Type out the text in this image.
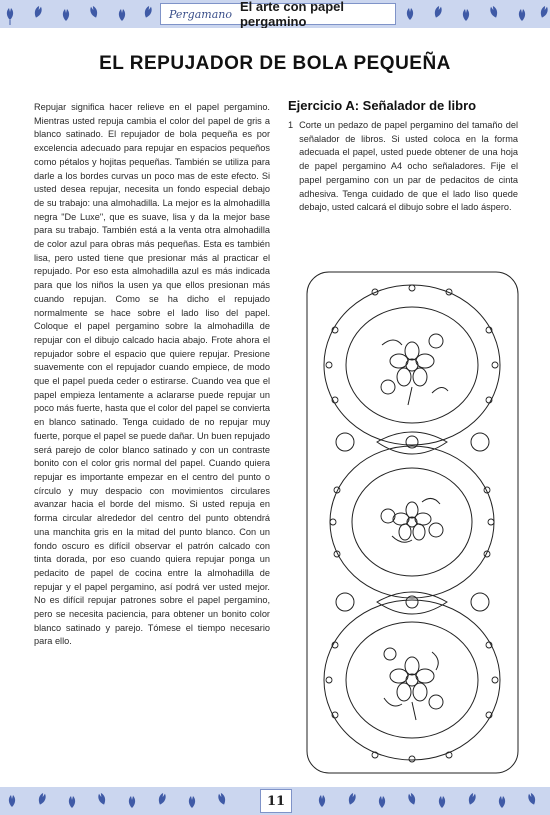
Pergamano El arte con papel pergamino
EL REPUJADOR DE BOLA PEQUEÑA

Repujar significa hacer relieve en el papel pergamino. Mientras usted repuja cambia el color del papel de gris a blanco satinado. El repujador de bola pequeña es por excelencia adecuado para repujar en espacios pequeños como pétalos y hojitas pequeñas. También se utiliza para darle a los bordes curvas un poco mas de este efecto. Si usted desea repujar, necesita un fondo especial debajo de su trabajo: una almohadilla. La mejor es la almohadilla negra "De Luxe", que es suave, lisa y da la mejor base para su trabajo. También está a la venta otra almohadilla de color azul para obras más pequeñas. Esta es también lisa, pero usted tiene que presionar más al practicar el repujado. Por eso esta almohadilla azul es más indicada para que los niños la usen ya que ellos presionan más cuando repujan. Como se ha dicho el repujado normalmente se hace sobre el lado liso del papel. Coloque el papel pergamino sobre la almohadilla de repujar con el dibujo calcado hacia abajo. Frote ahora el repujador sobre el espacio que quiere repujar. Presione suavemente con el repujador cuando empiece, de modo que el papel pueda ceder o estirarse. Cuando vea que el papel empieza lentamente a aclararse puede repujar un poco más fuerte, hasta que el color del papel se convierta en blanco satinado. Tenga cuidado de no repujar muy fuerte, porque el papel se puede dañar. Un buen repujado será parejo de color blanco satinado y con un contraste bonito con el color gris normal del papel. Cuando quiera repujar es importante empezar en el centro del punto o círculo y muy despacio con movimientos circulares avanzar hacia el borde del mismo. Si usted repuja en forma circular alrededor del centro del punto obtendrá una manchita gris en la mitad del punto blanco. Con un fondo oscuro es difícil observar el patrón calcado con tinta dorada, por eso cuando quiera repujar ponga un pedacito de papel de cocina entre la almohadilla de repujar y el papel pergamino, así podrá ver usted mejor. No es difícil repujar patrones sobre el papel pergamino, pero se necesita paciencia, para obtener un bonito color blanco satinado y parejo. Tómese el tiempo necesario para ello.

Ejercicio A: Señalador de libro
1 Corte un pedazo de papel pergamino del tamaño del señalador de libros. Si usted coloca en la forma adecuada el papel, usted puede obtener de una hoja de papel pergamino A4 ocho señaladores. Fije el papel pergamino con un par de pedacitos de cinta adhesiva. Tenga cuidado de que el lado liso quede debajo, usted calcará el dibujo sobre el lado áspero.
11
